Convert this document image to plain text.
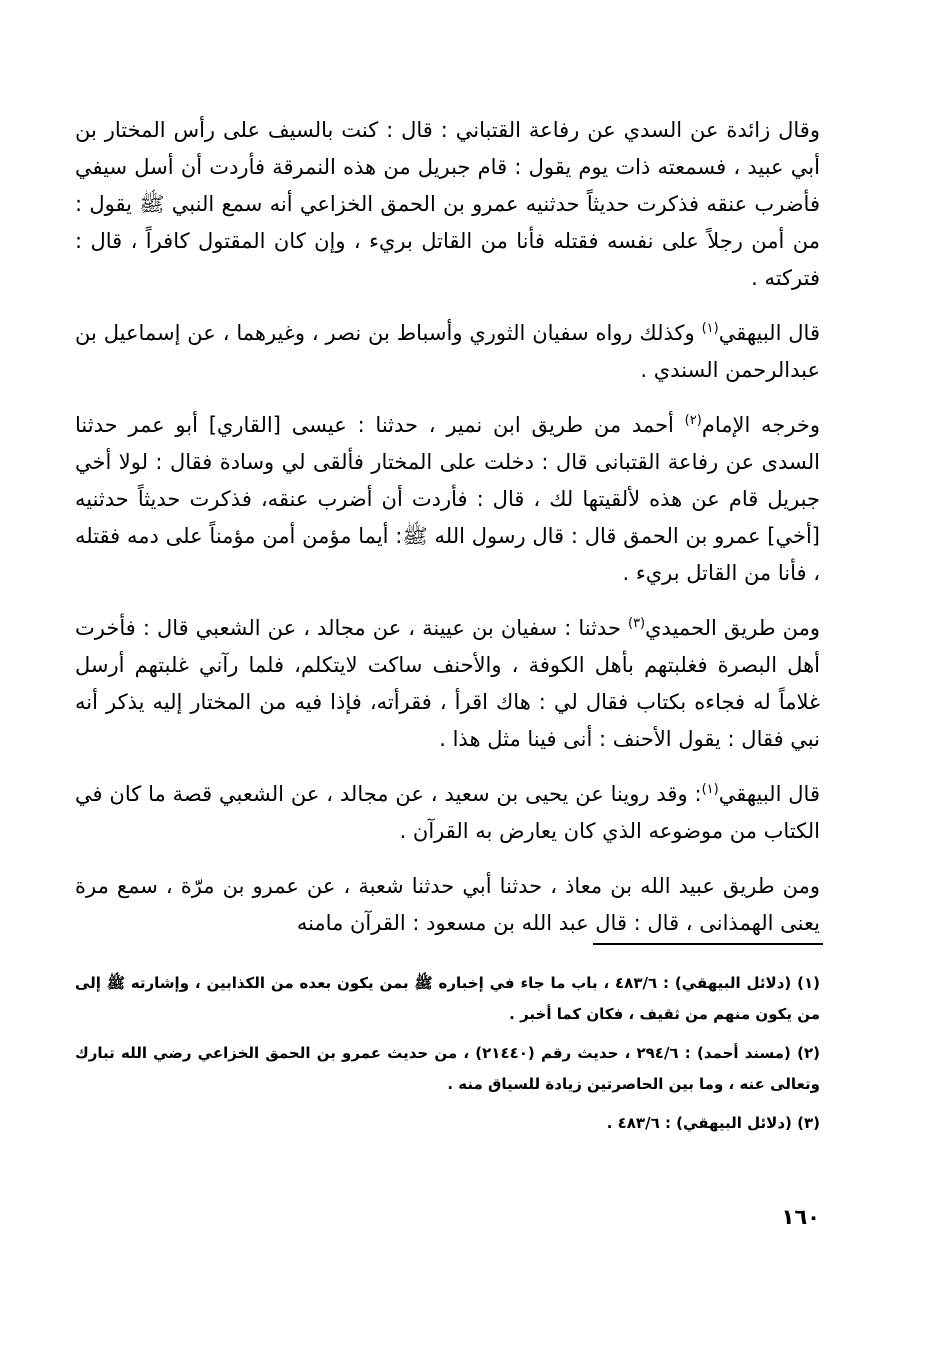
وقال زائدة عن السدي عن رفاعة القتباني : قال : كنت بالسيف على رأس المختار بن أبي عبيد ، فسمعته ذات يوم يقول : قام جبريل من هذه النمرقة فأردت أن أسل سيفي فأضرب عنقه فذكرت حديثاً حدثنيه عمرو بن الحمق الخزاعي أنه سمع النبي ﷺ يقول : من أمن رجلاً على نفسه فقتله فأنا من القاتل بريء ، وإن كان المقتول كافراً ، قال : فتركته .

قال البيهقي$^{(١)}$ وكذلك رواه سفيان الثوري وأسباط بن نصر ، وغيرهما ، عن إسماعيل بن عبدالرحمن السندي .

وخرجه الإمام$^{(٢)}$ أحمد من طريق ابن نمير ، حدثنا : عيسى [القاري] أبو عمر حدثنا السدى عن رفاعة القتبانى قال : دخلت على المختار فألقى لي وسادة فقال : لولا أخي جبريل قام عن هذه لألقيتها لك ، قال : فأردت أن أضرب عنقه، فذكرت حديثاً حدثنيه [أخي] عمرو بن الحمق قال : قال رسول الله ﷺ: أيما مؤمن أمن مؤمناً على دمه فقتله ، فأنا من القاتل بريء .

ومن طريق الحميدي$^{(٣)}$ حدثنا : سفيان بن عيينة ، عن مجالد ، عن الشعبي قال : فأخرت أهل البصرة فغلبتهم بأهل الكوفة ، والأحنف ساكت لايتكلم، فلما رآني غلبتهم أرسل غلاماً له فجاءه بكتاب فقال لي : هاك اقرأ ، فقرأته، فإذا فيه من المختار إليه يذكر أنه نبي فقال : يقول الأحنف : أنى فينا مثل هذا .

قال البيهقي$^{(١)}$: وقد روينا عن يحيى بن سعيد ، عن مجالد ، عن الشعبي قصة ما كان في الكتاب من موضوعه الذي كان يعارض به القرآن .

ومن طريق عبيد الله بن معاذ ، حدثنا أبي حدثنا شعبة ، عن عمرو بن مرّة ، سمع مرة يعنى الهمذانى ، قال : قال عبد الله بن مسعود : القرآن مامنه

(١) (دلائل البيهقي) : ٤٨٣/٦ ، باب ما جاء في إخباره ﷺ بمن يكون بعده من الكذابين ، وإشارته ﷺ إلى من يكون منهم من ثقيف ، فكان كما أخبر .

(٢) (مسند أحمد) : ٢٩٤/٦ ، حديث رقم (٢١٤٤٠) ، من حديث عمرو بن الحمق الخزاعي رضي الله تبارك وتعالى عنه ، وما بين الحاصرتين زيادة للسياق منه .

(٣) (دلائل البيهقي) : ٤٨٣/٦ .

١٦٠
